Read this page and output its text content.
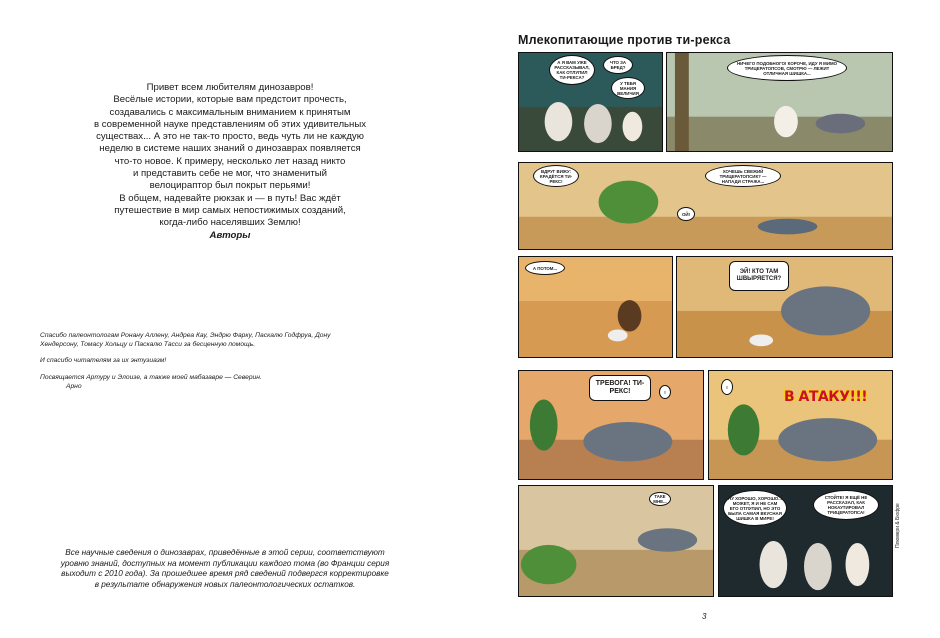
Привет всем любителям динозавров!

Весёлые истории, которые вам предстоит прочесть,

создавались с максимальным вниманием к принятым

в современной науке представлениям об этих удивительных

существах... А это не так-то просто, ведь чуть ли не каждую

неделю в системе наших знаний о динозаврах появляется

что-то новое. К примеру, несколько лет назад никто

и представить себе не мог, что знаменитый

велоцираптор был покрыт перьями!

В общем, надевайте рюкзак и — в путь! Вас ждёт

путешествие в мир самых непостижимых созданий,

когда-либо населявших Землю!

Авторы

Спасибо палеонтологам Ронану Аллену, Андреа Кау, Эндрю Фарку, Паскалю Годфруа, Дону Хендерсону, Томасу Хольцу и Паскалю Тасси за бесценную помощь.

И спасибо читателям за их энтузиазм!

Посвящается Артуру и Элоизе, а также моей мабазавре — Северин.

Арно

Все научные сведения о динозаврах, приведённые в этой серии, соответствуют уровню знаний, доступных на момент публикации каждого тома (во Франции серия выходит с 2010 года). За прошедшее время ряд сведений подвергся корректировке в результате обнаружения новых палеонтологических остатков.
Млекопитающие против ти-рекса
А Я ВАМ УЖЕ РАССКАЗЫВАЛ, КАК ОТЛУПИЛ ТИ-РЕКСА?
ЧТО ЗА БРЕД?
У ТЕБЯ МАНИЯ ВЕЛИЧИЯ
НИЧЕГО ПОДОБНОГО! КОРОЧЕ, ИДУ Я МИМО ТРИЦЕРАТОПСОВ, СМОТРЮ — ЛЕЖИТ ОТЛИЧНАЯ ШИШКА...
ВДРУГ ВИЖУ: КРАДЁТСЯ ТИ-РЕКС!
ХОЧЕШЬ СВЕЖИЙ ТРИЦЕРАТОПСИК? — НАПАДИ СТРАЖА...
ОЙ!
А ПОТОМ...
ЭЙ! КТО ТАМ ШВЫРЯЕТСЯ?
ТРЕВОГА! ТИ-РЕКС!	!	В АТАКУ!!!
!
ТАКЕ МНЕ...
НУ ХОРОШО, ХОРОШО... МОЖЕТ, Я И НЕ САМ ЕГО ОТЛУПИЛ, НО ЭТО БЫЛА САМАЯ ВКУСНАЯ ШИШКА В МИРЕ!
СТОЙТЕ! Я ЕЩЁ НЕ РАССКАЗАЛ, КАК НОКАУТИРОВАЛ ТРИЦЕРАТОПСА!	Плюмери & Бюфре
3
